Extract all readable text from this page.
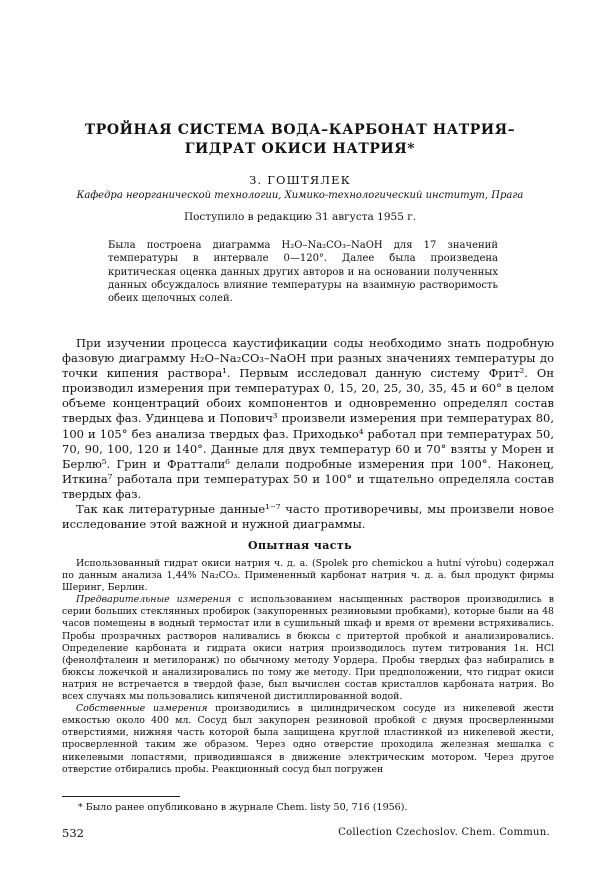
ТРОЙНАЯ СИСТЕМА ВОДА–КАРБОНАТ НАТРИЯ–ГИДРАТ ОКИСИ НАТРИЯ*

З. ГОШТЯЛЕК

Кафедра неорганической технологии, Химико-технологический институт, Прага

Поступило в редакцию 31 августа 1955 г.

Была построена диаграмма H₂O–Na₂CO₃–NaOH для 17 значений температуры в интервале 0—120°. Далее была произведена критическая оценка данных других авторов и на основании полученных данных обсуждалось влияние температуры на взаимную растворимость обеих щелочных солей.

При изучении процесса каустификации соды необходимо знать подробную фазовую диаграмму H₂O–Na₂CO₃–NaOH при разных значениях температуры до точки кипения раствора¹. Первым исследовал данную систему Фрит². Он производил измерения при температурах 0, 15, 20, 25, 30, 35, 45 и 60° в целом объеме концентраций обоих компонентов и одновременно определял состав твердых фаз. Удинцева и Попович³ произвели измерения при температурах 80, 100 и 105° без анализа твердых фаз. Приходько⁴ работал при температурах 50, 70, 90, 100, 120 и 140°. Данные для двух температур 60 и 70° взяты у Морен и Берлю⁵. Грин и Фраттали⁶ делали подробные измерения при 100°. Наконец, Иткина⁷ работала при температурах 50 и 100° и тщательно определяла состав твердых фаз.

Так как литературные данные¹⁻⁷ часто противоречивы, мы произвели новое исследование этой важной и нужной диаграммы.

Опытная часть

Использованный гидрат окиси натрия ч. д. а. (Spolek pro chemickou a hutní výrobu) содержал по данным анализа 1,44% Na₂CO₃. Примененный карбонат натрия ч. д. а. был продукт фирмы Шеринг, Берлин.

Предварительные измерения с использованием насыщенных растворов производились в серии больших стеклянных пробирок (закупоренных резиновыми пробками), которые были на 48 часов помещены в водный термостат или в сушильный шкаф и время от времени встряхивались. Пробы прозрачных растворов наливались в бюксы с притертой пробкой и анализировались. Определение карбоната и гидрата окиси натрия производилось путем титрования 1н. HCl (фенолфталеин и метилоранж) по обычному методу Уордера. Пробы твердых фаз набирались в бюксы ложечкой и анализировались по тому же методу. При предположении, что гидрат окиси натрия не встречается в твердой фазе, был вычислен состав кристаллов карбоната натрия. Во всех случаях мы пользовались кипяченой дистиллированной водой.

Собственные измерения производились в цилиндрическом сосуде из никелевой жести емкостью около 400 мл. Сосуд был закупорен резиновой пробкой с двумя просверленными отверстиями, нижняя часть которой была защищена круглой пластинкой из никелевой жести, просверленной таким же образом. Через одно отверстие проходила железная мешалка с никелевыми лопастями, приводившаяся в движение электрическим мотором. Через другое отверстие отбирались пробы. Реакционный сосуд был погружен

* Было ранее опубликовано в журнале Chem. listy 50, 716 (1956).

532	Collection Czechoslov. Chem. Commun.
